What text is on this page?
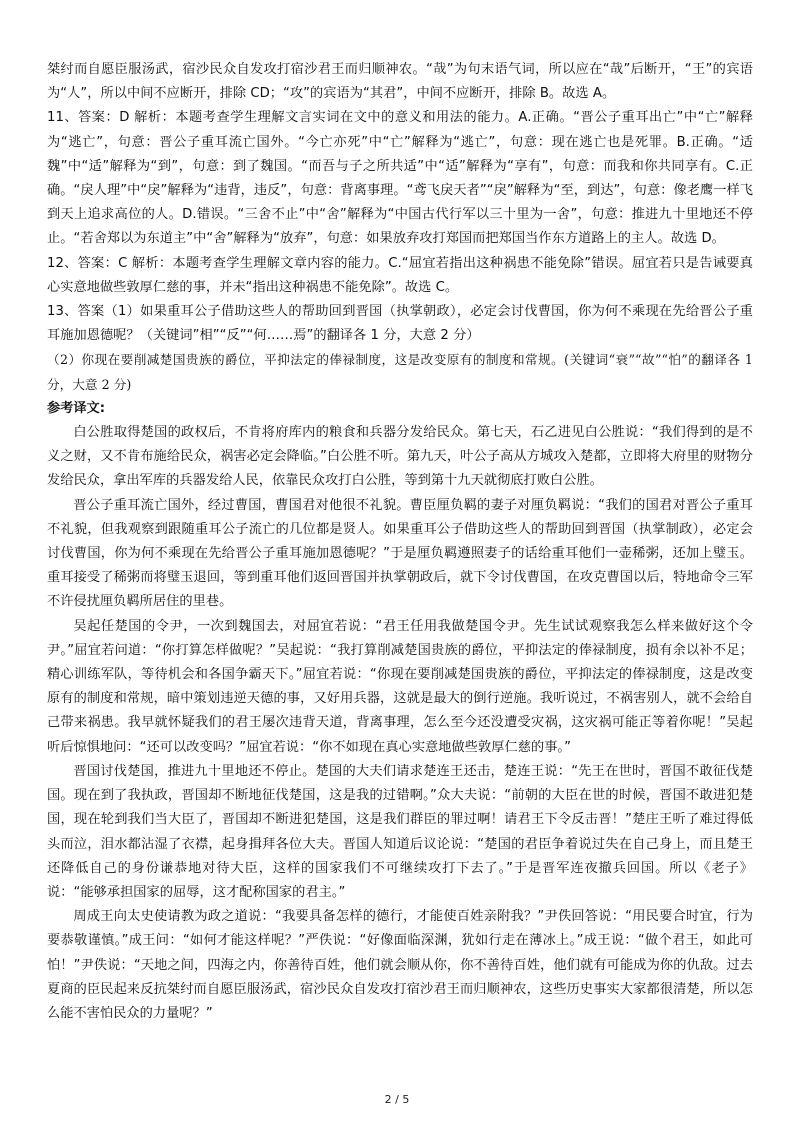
桀纣而自愿臣服汤武，宿沙民众自发攻打宿沙君王而归顺神农。“哉”为句末语气词，所以应在“哉”后断开，“王”的宾语为“人”，所以中间不应断开，排除 CD；“攻”的宾语为“其君”，中间不应断开，排除 B。故选 A。

11、答案：D 解析：本题考查学生理解文言实词在文中的意义和用法的能力。A.正确。“晋公子重耳出亡”中“亡”解释为“逃亡”，句意：晋公子重耳流亡国外。“今亡亦死”中“亡”解释为“逃亡”，句意：现在逃亡也是死罪。B.正确。“适魏”中“适”解释为“到”，句意：到了魏国。“而吾与子之所共适”中“适”解释为“享有”，句意：而我和你共同享有。C.正确。“戾人理”中“戾”解释为“违背，违反”，句意：背离事理。“鸢飞戾天者”“戾”解释为“至，到达”，句意：像老鹰一样飞到天上追求高位的人。D.错误。“三舍不止”中“舍”解释为“中国古代行军以三十里为一舍”，句意：推进九十里地还不停止。“若舍郑以为东道主”中“舍”解释为“放弃”，句意：如果放弃攻打郑国而把郑国当作东方道路上的主人。故选 D。

12、答案：C 解析：本题考查学生理解文章内容的能力。C.“屈宜若指出这种祸患不能免除”错误。屈宜若只是告诫要真心实意地做些敦厚仁慈的事，并未“指出这种祸患不能免除”。故选 C。

13、答案（1）如果重耳公子借助这些人的帮助回到晋国（执掌朝政），必定会讨伐曹国，你为何不乘现在先给晋公子重耳施加恩德呢？（关键词”相”“反”“何……焉”的翻译各 1 分，大意 2 分）

（2）你现在要削减楚国贵族的爵位，平抑法定的俸禄制度，这是改变原有的制度和常规。(关键词“衰”“故”“怕”的翻译各 1 分，大意 2 分)

参考译文:

白公胜取得楚国的政权后，不肯将府库内的粮食和兵器分发给民众。第七天，石乙进见白公胜说：“我们得到的是不义之财，又不肯布施给民众，祸害必定会降临。”白公胜不听。第九天，叶公子高从方城攻入楚都，立即将大府里的财物分发给民众，拿出军库的兵器发给人民，依靠民众攻打白公胜，等到第十九天就彻底打败白公胜。

晋公子重耳流亡国外，经过曹国，曹国君对他很不礼貌。曹臣厘负羁的妻子对厘负羁说：“我们的国君对晋公子重耳不礼貌，但我观察到跟随重耳公子流亡的几位都是贤人。如果重耳公子借助这些人的帮助回到晋国（执掌制政），必定会讨伐曹国，你为何不乘现在先给晋公子重耳施加恩德呢？”于是厘负羁遵照妻子的话给重耳他们一壶稀粥，还加上璧玉。重耳接受了稀粥而将璧玉退回，等到重耳他们返回晋国并执掌朝政后，就下令讨伐曹国，在攻克曹国以后，特地命令三军不许侵扰厘负羁所居住的里巷。

吴起任楚国的令尹，一次到魏国去，对屈宜若说：“君王任用我做楚国令尹。先生试试观察我怎么样来做好这个令尹。”屈宜若问道：“你打算怎样做呢？”吴起说：“我打算削减楚国贵族的爵位，平抑法定的俸禄制度，损有余以补不足；精心训练军队，等待机会和各国争霸天下。”屈宜若说：“你现在要削减楚国贵族的爵位，平抑法定的俸禄制度，这是改变原有的制度和常规，暗中策划违逆天德的事，又好用兵器，这就是最大的倒行逆施。我听说过，不祸害别人，就不会给自己带来祸患。我早就怀疑我们的君王屡次违背天道，背离事理，怎么至今还没遭受灾祸，这灾祸可能正等着你呢！”吴起听后惊惧地问：“还可以改变吗？”屈宜若说：“你不如现在真心实意地做些敦厚仁慈的事。”

晋国讨伐楚国，推进九十里地还不停止。楚国的大夫们请求楚连王还击，楚连王说：“先王在世时，晋国不敢征伐楚国。现在到了我执政，晋国却不断地征伐楚国，这是我的过错啊。”众大夫说：“前朝的大臣在世的时候，晋国不敢进犯楚国，现在轮到我们当大臣了，晋国却不断进犯楚国，这是我们群臣的罪过啊！请君王下令反击晋！”楚庄王听了难过得低头而泣，泪水都沾湿了衣襟，起身揖拜各位大夫。晋国人知道后议论说：“楚国的君臣争着说过失在自己身上，而且楚王还降低自己的身份谦恭地对待大臣，这样的国家我们不可继续攻打下去了。”于是晋军连夜撤兵回国。所以《老子》说：“能够承担国家的屈辱，这才配称国家的君主。”

周成王向太史使请教为政之道说：“我要具备怎样的德行，才能使百姓亲附我？”尹佚回答说：“用民要合时宜，行为要恭敬谨慎。”成王问：“如何才能这样呢？”严佚说：“好像面临深渊，犹如行走在薄冰上。”成王说：“做个君王，如此可怕！”尹佚说：“天地之间，四海之内，你善待百姓，他们就会顺从你，你不善待百姓，他们就有可能成为你的仇敌。过去夏商的臣民起来反抗桀纣而自愿臣服汤武，宿沙民众自发攻打宿沙君王而归顺神农，这些历史事实大家都很清楚，所以怎么能不害怕民众的力量呢？”

2 / 5
